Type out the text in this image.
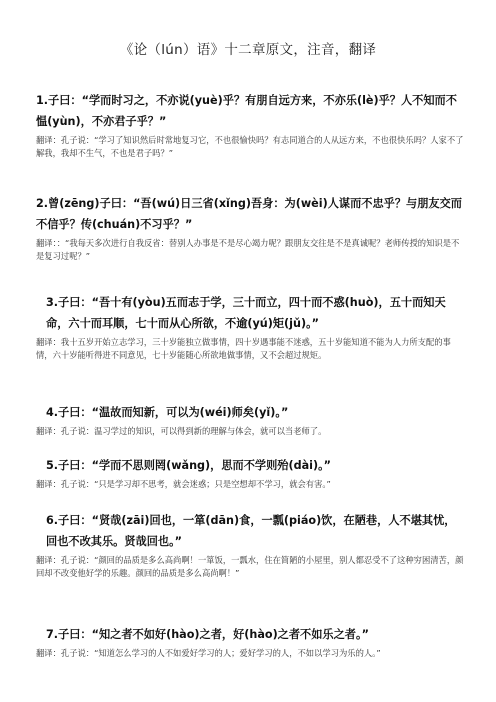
《论（lún）语》十二章原文，注音，翻译
1.子曰：“学而时习之，不亦说(yuè)乎？有朋自远方来，不亦乐(lè)乎？人不知而不愠(yùn)，不亦君子乎？”
翻译：孔子说：“学习了知识然后时常地复习它，不也很愉快吗？有志同道合的人从远方来，不也很快乐吗？人家不了解我，我却不生气，不也是君子吗？”
2.曾(zēng)子曰：“吾(wú)日三省(xǐng)吾身：为(wèi)人谋而不忠乎？与朋友交而不信乎？传(chuán)不习乎？”
翻译：：“我每天多次进行自我反省：替别人办事是不是尽心竭力呢？跟朋友交往是不是真诚呢？老师传授的知识是不是复习过呢？”
3.子曰：“吾十有(yòu)五而志于学，三十而立，四十而不惑(huò)，五十而知天命，六十而耳顺，七十而从心所欲，不逾(yú)矩(jǔ)。”
翻译：我十五岁开始立志学习，三十岁能独立做事情，四十岁遇事能不迷惑，五十岁能知道不能为人力所支配的事情，六十岁能听得进不同意见，七十岁能随心所欲地做事情，又不会超过规矩。
4.子曰：“温故而知新，可以为(wéi)师矣(yǐ)。”
翻译：孔子说：温习学过的知识，可以得到新的理解与体会，就可以当老师了。
5.子曰：“学而不思则罔(wǎng)，思而不学则殆(dài)。”
翻译：孔子说：“只是学习却不思考，就会迷惑；只是空想却不学习，就会有害。”
6.子曰：“贤哉(zāi)回也，一箪(dān)食，一瓢(piáo)饮，在陋巷，人不堪其忧，回也不改其乐。贤哉回也。”
翻译：孔子说：“颜回的品质是多么高尚啊！一箪饭，一瓢水，住在简陋的小屋里，别人都忍受不了这种穷困清苦，颜回却不改变他好学的乐趣。颜回的品质是多么高尚啊！”
7.子曰：“知之者不如好(hào)之者，好(hào)之者不如乐之者。”
翻译：孔子说：“知道怎么学习的人不如爱好学习的人；爱好学习的人，不如以学习为乐的人。”
